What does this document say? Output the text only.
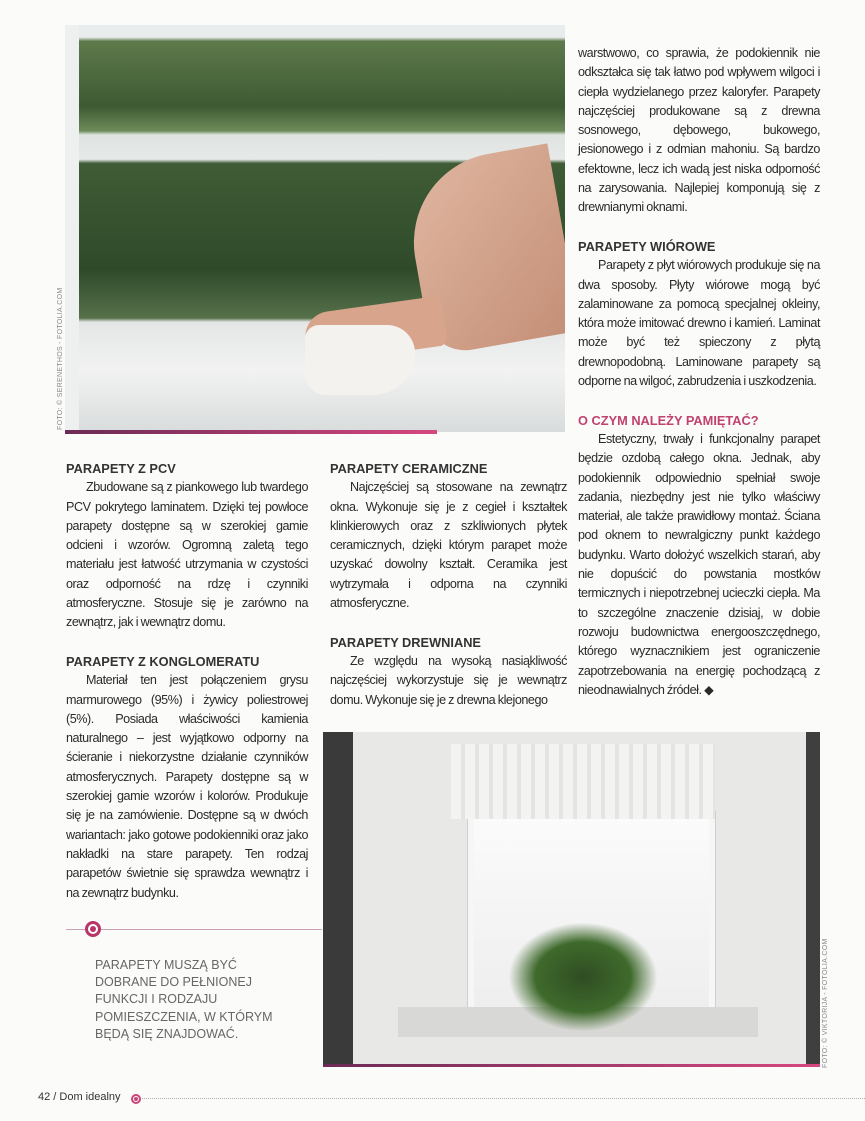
FOTO: © SERENETHOS - FOTOLIA.COM
PARAPETY Z PCV

Zbudowane są z piankowego lub twardego PCV pokrytego laminatem. Dzięki tej powłoce parapety dostępne są w szerokiej gamie odcieni i wzorów. Ogromną zaletą tego materiału jest łatwość utrzymania w czystości oraz odporność na rdzę i czynniki atmosferyczne. Stosuje się je zarówno na zewnątrz, jak i wewnątrz domu.

PARAPETY Z KONGLOMERATU

Materiał ten jest połączeniem grysu marmurowego (95%) i żywicy poliestrowej (5%). Posiada właściwości kamienia naturalnego – jest wyjątkowo odporny na ścieranie i niekorzystne działanie czynników atmosferycznych. Parapety dostępne są w szerokiej gamie wzorów i kolorów. Produkuje się je na zamówienie. Dostępne są w dwóch wariantach: jako gotowe podokienniki oraz jako nakładki na stare parapety. Ten rodzaj parapetów świetnie się sprawdza wewnątrz i na zewnątrz budynku.

PARAPETY CERAMICZNE

Najczęściej są stosowane na zewnątrz okna. Wykonuje się je z cegieł i kształtek klinkierowych oraz z szkliwionych płytek ceramicznych, dzięki którym parapet może uzyskać dowolny kształt. Ceramika jest wytrzymała i odporna na czynniki atmosferyczne.

PARAPETY DREWNIANE

Ze względu na wysoką nasiąkliwość najczęściej wykorzystuje się je wewnątrz domu. Wykonuje się je z drewna klejonego

warstwowo, co sprawia, że podokiennik nie odkształca się tak łatwo pod wpływem wilgoci i ciepła wydzielanego przez kaloryfer. Parapety najczęściej produkowane są z drewna sosnowego, dębowego, bukowego, jesionowego i z odmian mahoniu. Są bardzo efektowne, lecz ich wadą jest niska odporność na zarysowania. Najlepiej komponują się z drewnianymi oknami.

PARAPETY WIÓROWE

Parapety z płyt wiórowych produkuje się na dwa sposoby. Płyty wiórowe mogą być zalaminowane za pomocą specjalnej okleiny, która może imitować drewno i kamień. Laminat może być też spieczony z płytą drewnopodobną. Laminowane parapety są odporne na wilgoć, zabrudzenia i uszkodzenia.

O CZYM NALEŻY PAMIĘTAĆ?

Estetyczny, trwały i funkcjonalny parapet będzie ozdobą całego okna. Jednak, aby podokiennik odpowiednio spełniał swoje zadania, niezbędny jest nie tylko właściwy materiał, ale także prawidłowy montaż. Ściana pod oknem to newralgiczny punkt każdego budynku. Warto dołożyć wszelkich starań, aby nie dopuścić do powstania mostków termicznych i niepotrzebnej ucieczki ciepła. Ma to szczególne znaczenie dzisiaj, w dobie rozwoju budownictwa energooszczędnego, którego wyznacznikiem jest ograniczenie zapotrzebowania na energię pochodzącą z nieodnawialnych źródeł. ◆

FOTO: © VIKTORIJA - FOTOLIA.COM
PARAPETY MUSZĄ BYĆ
DOBRANE DO PEŁNIONEJ
FUNKCJI I RODZAJU
POMIESZCZENIA, W KTÓRYM
BĘDĄ SIĘ ZNAJDOWAĆ.
42 / Dom idealny
